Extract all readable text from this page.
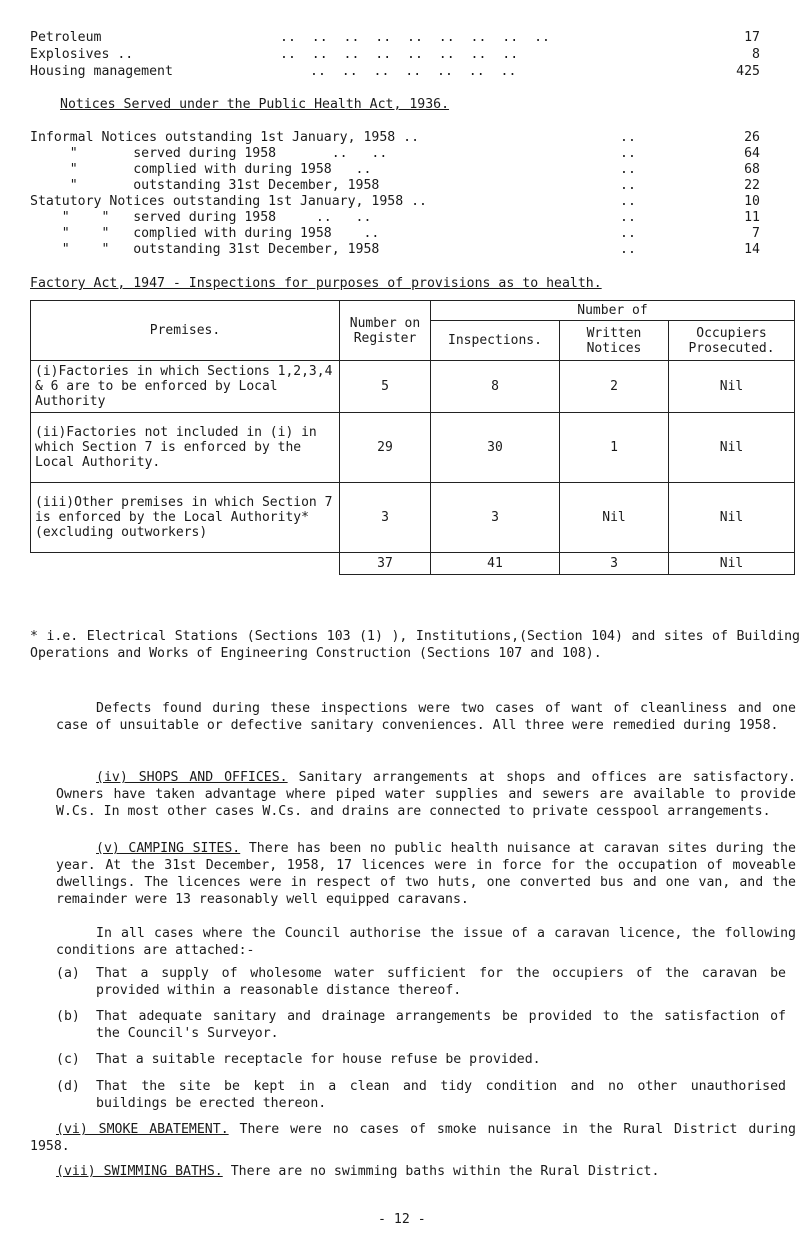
Petroleum	..  ..  ..  ..  ..  ..  ..  ..  ..	17
Explosives ..	..  ..  ..  ..  ..  ..  ..  ..	8
Housing management	..  ..  ..  ..  ..  ..  ..	425
Notices Served under the Public Health Act, 1936.
Informal Notices outstanding 1st January, 1958 ..	..	26
"       served during 1958       ..   ..	..	64
"       complied with during 1958   ..	..	68
"       outstanding 31st December, 1958	..	22
Statutory Notices outstanding 1st January, 1958 ..	..	10
"    "   served during 1958     ..   ..	..	11
"    "   complied with during 1958    ..	..	7
"    "   outstanding 31st December, 1958	..	14
Factory Act, 1947 - Inspections for purposes of provisions as to health.
Premises.	Number on Register	Number of		
		Inspections.	Written Notices	Occupiers Prosecuted.
(i)Factories in which Sections 1,2,3,4 & 6 are to be enforced by Local Authority	5	8	2	Nil
(ii)Factories not included in (i) in which Section 7 is enforced by the Local Authority.	29	30	1	Nil
(iii)Other premises in which Section 7 is enforced by the Local Authority*(excluding outworkers)	3	3	Nil	Nil
	37	41	3	Nil
* i.e. Electrical Stations (Sections 103 (1) ), Institutions,(Section 104) and sites of Building Operations and Works of Engineering Construction (Sections 107 and 108).
Defects found during these inspections were two cases of want of cleanliness and one case of unsuitable or defective sanitary conveniences. All three were remedied during 1958.
(iv) SHOPS AND OFFICES. Sanitary arrangements at shops and offices are satisfactory. Owners have taken advantage where piped water supplies and sewers are available to provide W.Cs. In most other cases W.Cs. and drains are connected to private cesspool arrangements.
(v) CAMPING SITES. There has been no public health nuisance at caravan sites during the year. At the 31st December, 1958, 17 licences were in force for the occupation of moveable dwellings. The licences were in respect of two huts, one converted bus and one van, and the remainder were 13 reasonably well equipped caravans.
In all cases where the Council authorise the issue of a caravan licence, the following conditions are attached:-
(a) That a supply of wholesome water sufficient for the occupiers of the caravan be provided within a reasonable distance thereof.
(b) That adequate sanitary and drainage arrangements be provided to the satisfaction of the Council's Surveyor.
(c) That a suitable receptacle for house refuse be provided.
(d) That the site be kept in a clean and tidy condition and no other unauthorised buildings be erected thereon.
(vi) SMOKE ABATEMENT. There were no cases of smoke nuisance in the Rural District during 1958.
(vii) SWIMMING BATHS. There are no swimming baths within the Rural District.
- 12 -
